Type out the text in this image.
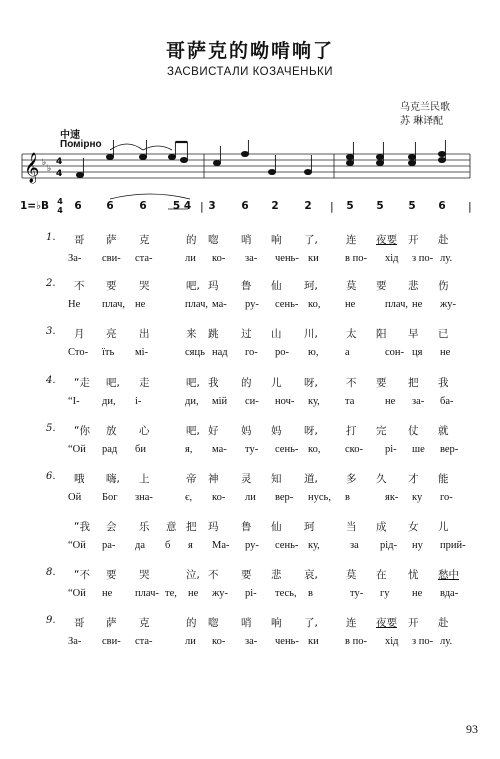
哥萨克的呦啃响了
ЗАСВИСТАЛИ КОЗАЧЕНЬКИ
乌克兰民歌
苏 琳译配
中速
Помірно
𝄞 ♭
♭
4
4
1=♭B	|	|	|
6	6	6	5 4	3	6	2	2	5	5	5	6
4
4
1. 哥 萨 克	的 唿 哨 响 了,	连 夜要 开 赴
За- сви- ста-	ли ко- за- чень- ки	в по- хід з по- лу.
2. 不 要 哭	吧, 玛 鲁 仙 珂,	莫 要 悲 伤
Не плач, не	плач, ма- ру- сень- ко, не	плач, не жу-
3. 月 亮 出	来 跳 过 山 川,	太 阳 早 已
Сто- їть мі-	сяць над го- ро- ю,	а	сон- ця не
4. “走 吧, 走	吧, 我 的 儿 呀,	不 要 把 我
“І- ди, і-	ди, мій си- ноч- ку, та	не за- ба-
5. “你 放 心	吧, 好 妈 妈 呀,	打 完 仗 就
“Ой рад би	я, ма- ту- сень- ко, ско- рі- ше вер-
6. 哦 嗨, 上	帝 神 灵 知 道,	多 久 才 能
Ой Бог зна-	є, ко- ли вер- нусь, в	як- ку го-
“我 会 乐 意 把 玛 鲁 仙 珂	当 成 女 儿
“Ой ра- да б я Ма- ру- сень- ку,	за рід- ну прий-
8. “不 要 哭	泣, 不 要 悲 哀,	莫 在 忧 愁中
“Ой не плач- те, не жу- рі- тесь, в	ту- гу не вда-
9. 哥 萨 克	的 唿 哨 响 了,	连 夜要 开 赴
За- сви- ста-	ли ко- за- чень- ки	в по- хід з по- лу.
93
